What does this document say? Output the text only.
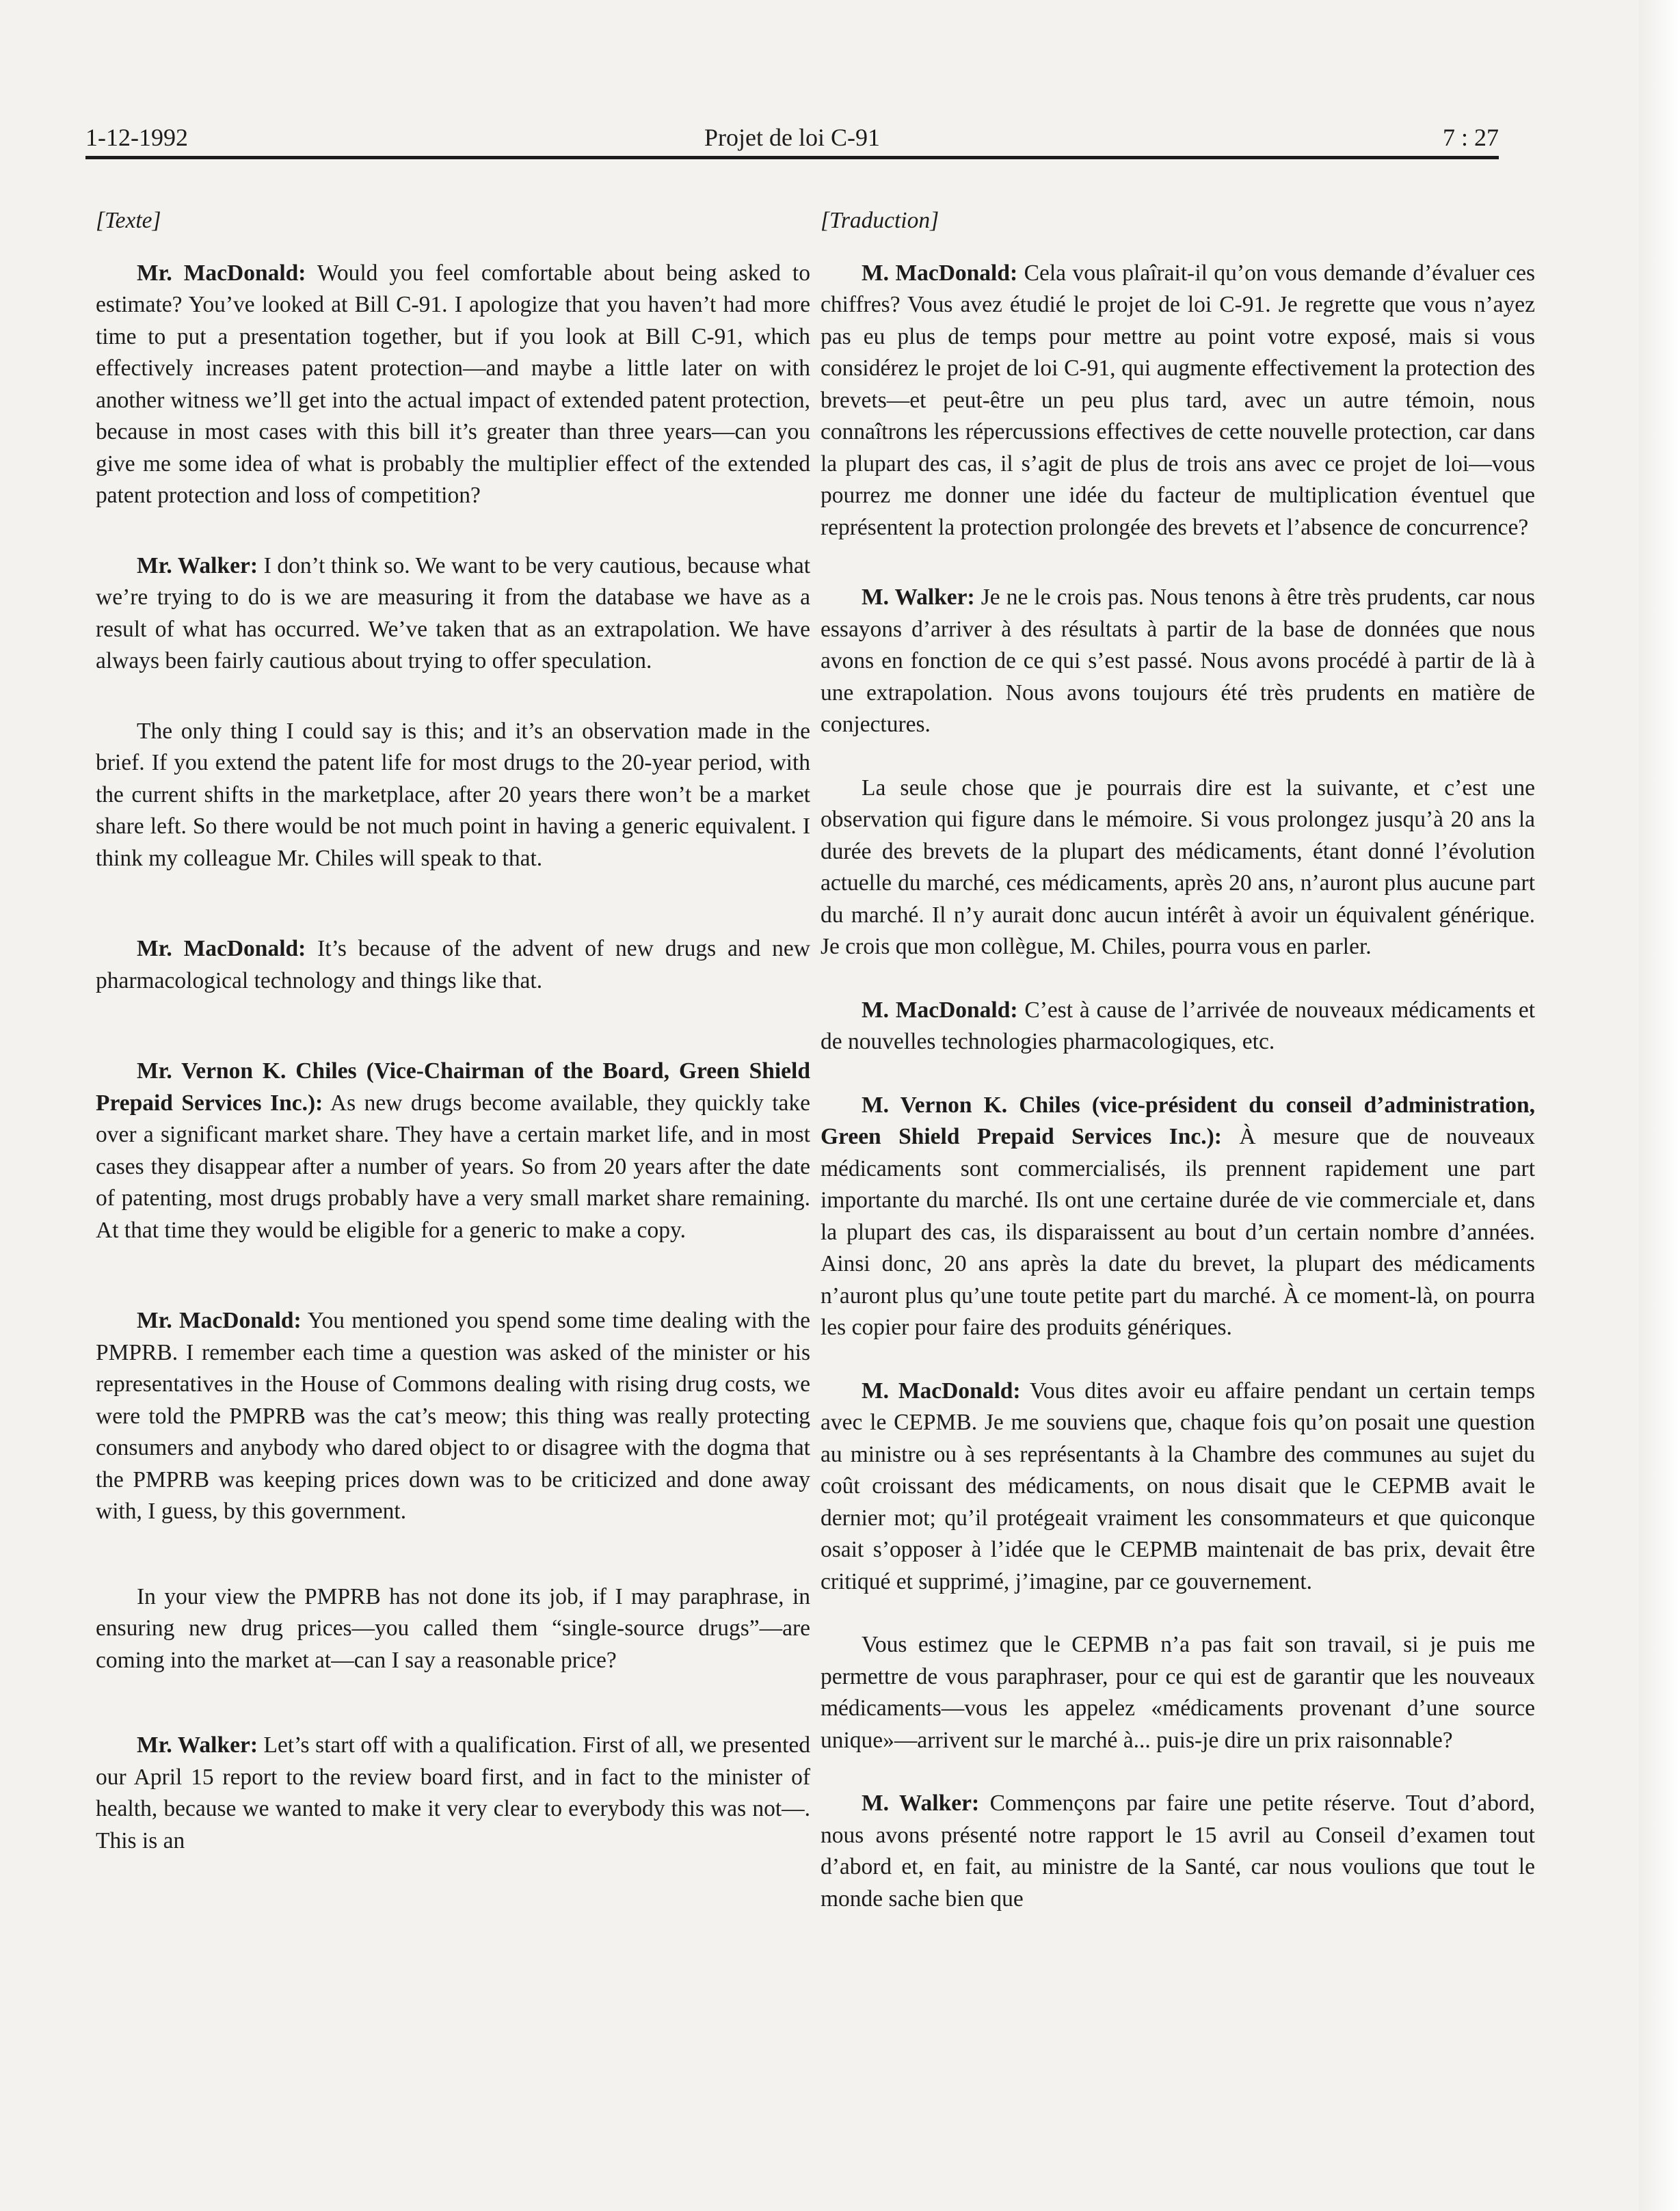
1-12-1992	Projet de loi C-91	7 : 27

[Texte]

Mr. MacDonald: Would you feel comfortable about being asked to estimate? You’ve looked at Bill C-91. I apologize that you haven’t had more time to put a presentation together, but if you look at Bill C-91, which effectively increases patent protection—and maybe a little later on with another witness we’ll get into the actual impact of extended patent protection, because in most cases with this bill it’s greater than three years—can you give me some idea of what is probably the multiplier effect of the extended patent protection and loss of competition?

Mr. Walker: I don’t think so. We want to be very cautious, because what we’re trying to do is we are measuring it from the database we have as a result of what has occurred. We’ve taken that as an extrapolation. We have always been fairly cautious about trying to offer speculation.

The only thing I could say is this; and it’s an observation made in the brief. If you extend the patent life for most drugs to the 20-year period, with the current shifts in the marketplace, after 20 years there won’t be a market share left. So there would be not much point in having a generic equivalent. I think my colleague Mr. Chiles will speak to that.

Mr. MacDonald: It’s because of the advent of new drugs and new pharmacological technology and things like that.

Mr. Vernon K. Chiles (Vice-Chairman of the Board, Green Shield Prepaid Services Inc.): As new drugs become available, they quickly take over a significant market share. They have a certain market life, and in most cases they disappear after a number of years. So from 20 years after the date of patenting, most drugs probably have a very small market share remaining. At that time they would be eligible for a generic to make a copy.

Mr. MacDonald: You mentioned you spend some time dealing with the PMPRB. I remember each time a question was asked of the minister or his representatives in the House of Commons dealing with rising drug costs, we were told the PMPRB was the cat’s meow; this thing was really protecting consumers and anybody who dared object to or disagree with the dogma that the PMPRB was keeping prices down was to be criticized and done away with, I guess, by this government.

In your view the PMPRB has not done its job, if I may paraphrase, in ensuring new drug prices—you called them “single-source drugs”—are coming into the market at—can I say a reasonable price?

Mr. Walker: Let’s start off with a qualification. First of all, we presented our April 15 report to the review board first, and in fact to the minister of health, because we wanted to make it very clear to everybody this was not—. This is an

[Traduction]

M. MacDonald: Cela vous plaîrait-il qu’on vous demande d’évaluer ces chiffres? Vous avez étudié le projet de loi C-91. Je regrette que vous n’ayez pas eu plus de temps pour mettre au point votre exposé, mais si vous considérez le projet de loi C-91, qui augmente effectivement la protection des brevets—et peut-être un peu plus tard, avec un autre témoin, nous connaîtrons les répercussions effectives de cette nouvelle protection, car dans la plupart des cas, il s’agit de plus de trois ans avec ce projet de loi—vous pourrez me donner une idée du facteur de multiplication éventuel que représentent la protection prolongée des brevets et l’absence de concurrence?

M. Walker: Je ne le crois pas. Nous tenons à être très prudents, car nous essayons d’arriver à des résultats à partir de la base de données que nous avons en fonction de ce qui s’est passé. Nous avons procédé à partir de là à une extrapolation. Nous avons toujours été très prudents en matière de conjectures.

La seule chose que je pourrais dire est la suivante, et c’est une observation qui figure dans le mémoire. Si vous prolongez jusqu’à 20 ans la durée des brevets de la plupart des médicaments, étant donné l’évolution actuelle du marché, ces médicaments, après 20 ans, n’auront plus aucune part du marché. Il n’y aurait donc aucun intérêt à avoir un équivalent générique. Je crois que mon collègue, M. Chiles, pourra vous en parler.

M. MacDonald: C’est à cause de l’arrivée de nouveaux médicaments et de nouvelles technologies pharmacologiques, etc.

M. Vernon K. Chiles (vice-président du conseil d’administration, Green Shield Prepaid Services Inc.): À mesure que de nouveaux médicaments sont commercialisés, ils prennent rapidement une part importante du marché. Ils ont une certaine durée de vie commerciale et, dans la plupart des cas, ils disparaissent au bout d’un certain nombre d’années. Ainsi donc, 20 ans après la date du brevet, la plupart des médicaments n’auront plus qu’une toute petite part du marché. À ce moment-là, on pourra les copier pour faire des produits génériques.

M. MacDonald: Vous dites avoir eu affaire pendant un certain temps avec le CEPMB. Je me souviens que, chaque fois qu’on posait une question au ministre ou à ses représentants à la Chambre des communes au sujet du coût croissant des médicaments, on nous disait que le CEPMB avait le dernier mot; qu’il protégeait vraiment les consommateurs et que quiconque osait s’opposer à l’idée que le CEPMB maintenait de bas prix, devait être critiqué et supprimé, j’imagine, par ce gouvernement.

Vous estimez que le CEPMB n’a pas fait son travail, si je puis me permettre de vous paraphraser, pour ce qui est de garantir que les nouveaux médicaments—vous les appelez «médicaments provenant d’une source unique»—arrivent sur le marché à... puis-je dire un prix raisonnable?

M. Walker: Commençons par faire une petite réserve. Tout d’abord, nous avons présenté notre rapport le 15 avril au Conseil d’examen tout d’abord et, en fait, au ministre de la Santé, car nous voulions que tout le monde sache bien que
